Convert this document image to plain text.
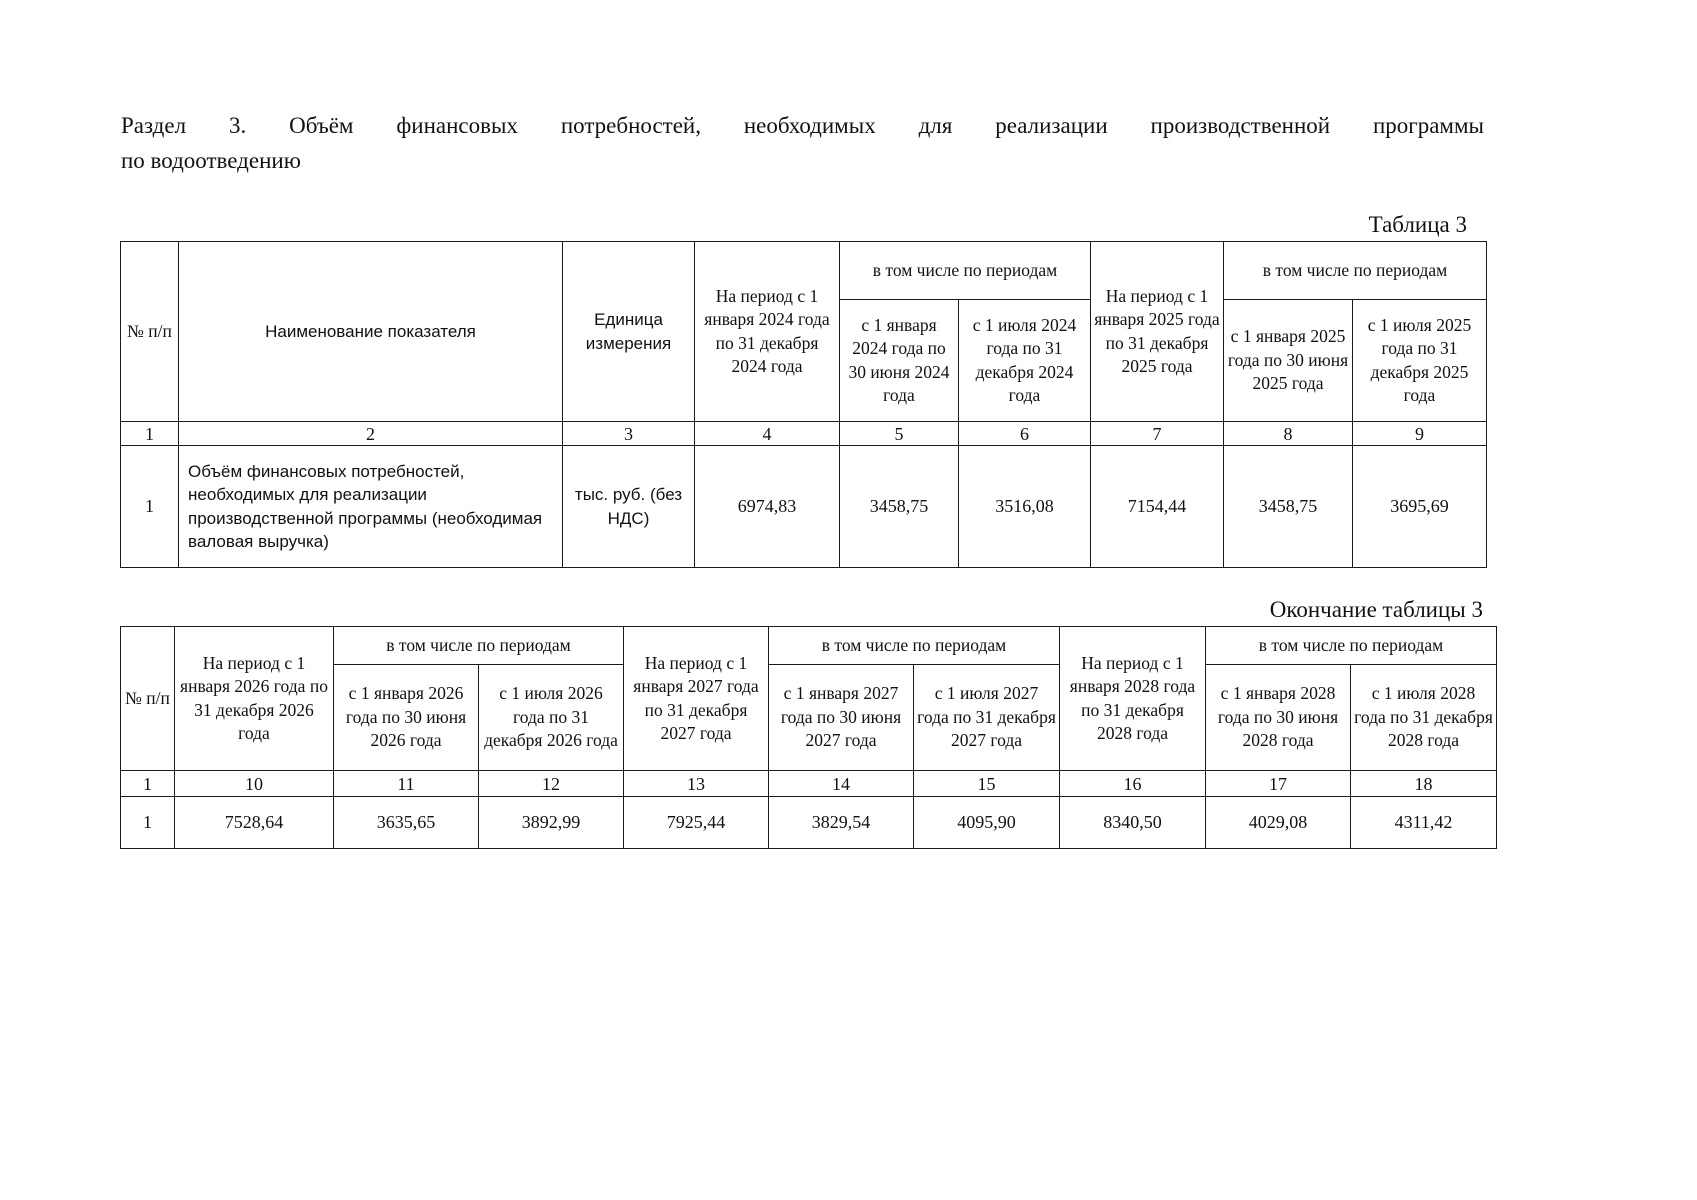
Раздел 3. Объём финансовых потребностей, необходимых для реализации производственной программы
по водоотведению
Таблица 3
№ п/п	Наименование показателя	Единица измерения	На период с 1 января 2024 года по 31 декабря 2024 года	в том числе по периодам		На период с 1 января 2025 года по 31 декабря 2025 года	в том числе по периодам	
				с 1 января 2024 года по 30 июня 2024 года	с 1 июля 2024 года по 31 декабря 2024 года		с 1 января 2025 года по 30 июня 2025 года	с 1 июля 2025 года по 31 декабря 2025 года
1	2	3	4	5	6	7	8	9
1	Объём финансовых потребностей, необходимых для реализации производственной программы (необходимая валовая выручка)	тыс. руб. (без НДС)	6974,83	3458,75	3516,08	7154,44	3458,75	3695,69
Окончание таблицы 3
№ п/п	На период с 1 января 2026 года по 31 декабря 2026 года	в том числе по периодам		На период с 1 января 2027 года по 31 декабря 2027 года	в том числе по периодам		На период с 1 января 2028 года по 31 декабря 2028 года	в том числе по периодам	
		с 1 января 2026 года по 30 июня 2026 года	с 1 июля 2026 года по 31 декабря 2026 года		с 1 января 2027 года по 30 июня 2027 года	с 1 июля 2027 года по 31 декабря 2027 года		с 1 января 2028 года по 30 июня 2028 года	с 1 июля 2028 года по 31 декабря 2028 года
1	10	11	12	13	14	15	16	17	18
1	7528,64	3635,65	3892,99	7925,44	3829,54	4095,90	8340,50	4029,08	4311,42
